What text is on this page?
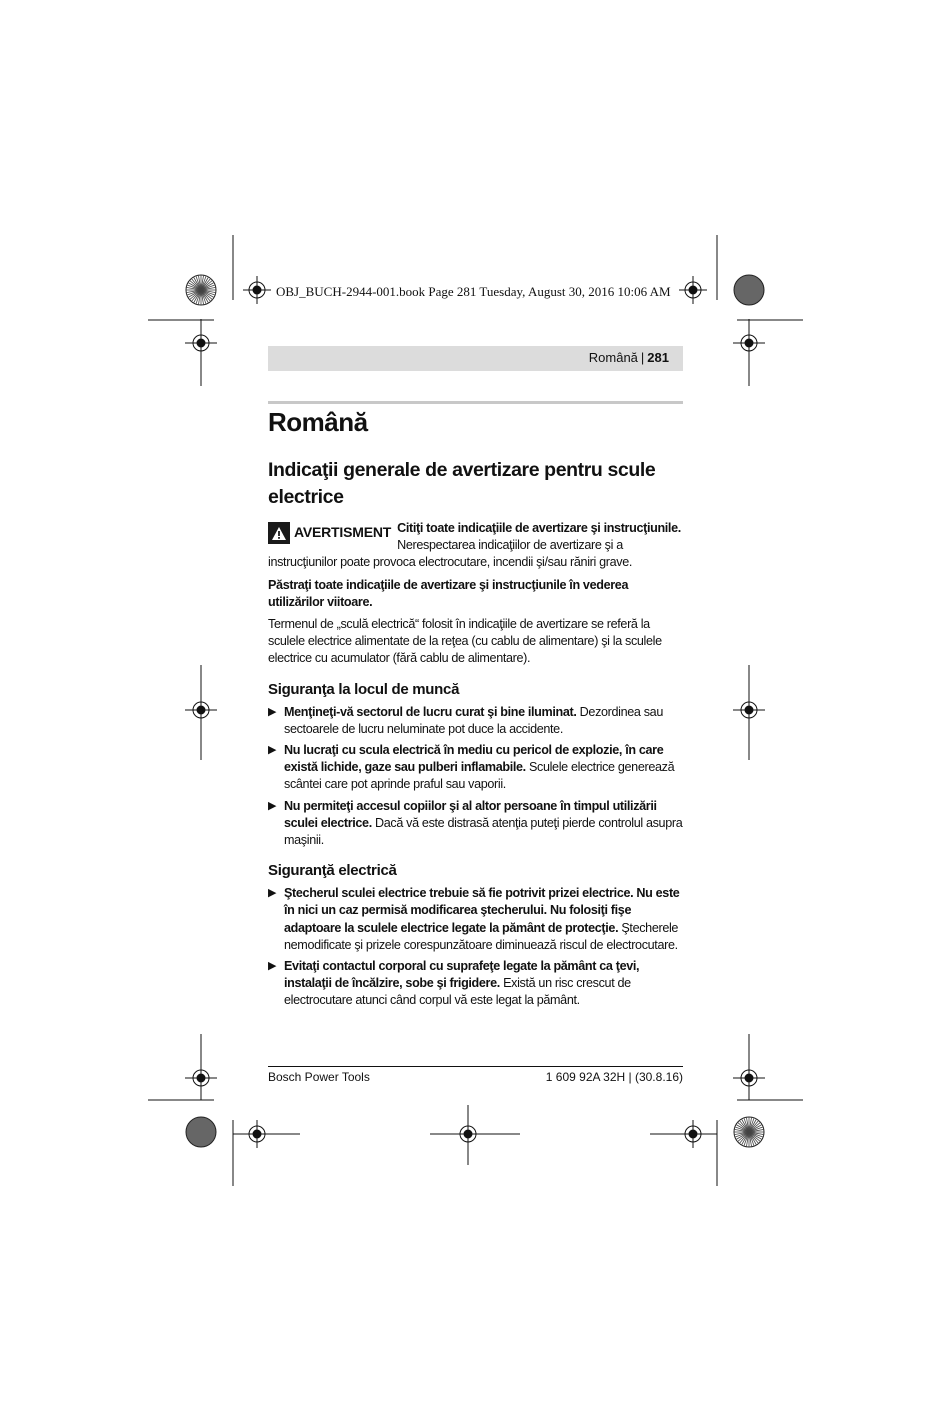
OBJ_BUCH-2944-001.book Page 281 Tuesday, August 30, 2016 10:06 AM
Română | 281
Română
Indicaţii generale de avertizare pentru scule electrice
AVERTISMENT Citiţi toate indicaţiile de avertizare şi instrucţiunile. Nerespectarea indicaţiilor de avertizare şi a instrucţiunilor poate provoca electrocutare, incendii şi/sau răniri grave.

Păstraţi toate indicaţiile de avertizare şi instrucţiunile în vederea utilizărilor viitoare.

Termenul de „sculă electrică“ folosit în indicaţiile de avertizare se referă la sculele electrice alimentate de la reţea (cu cablu de alimentare) şi la sculele electrice cu acumulator (fără cablu de alimentare).

Siguranţa la locul de muncă
▶ Menţineţi-vă sectorul de lucru curat şi bine iluminat. Dezordinea sau sectoarele de lucru neluminate pot duce la accidente.
▶ Nu lucraţi cu scula electrică în mediu cu pericol de explozie, în care există lichide, gaze sau pulberi inflamabile. Sculele electrice generează scântei care pot aprinde praful sau vaporii.
▶ Nu permiteţi accesul copiilor şi al altor persoane în timpul utilizării sculei electrice. Dacă vă este distrasă atenţia puteţi pierde controlul asupra maşinii.
Siguranţă electrică
▶ Ştecherul sculei electrice trebuie să fie potrivit prizei electrice. Nu este în nici un caz permisă modificarea ştecherului. Nu folosiţi fişe adaptoare la sculele electrice legate la pământ de protecţie. Ştecherele nemodificate şi prizele corespunzătoare diminuează riscul de electrocutare.
▶ Evitaţi contactul corporal cu suprafeţe legate la pământ ca ţevi, instalaţii de încălzire, sobe şi frigidere. Există un risc crescut de electrocutare atunci când corpul vă este legat la pământ.
Bosch Power Tools	1 609 92A 32H | (30.8.16)
